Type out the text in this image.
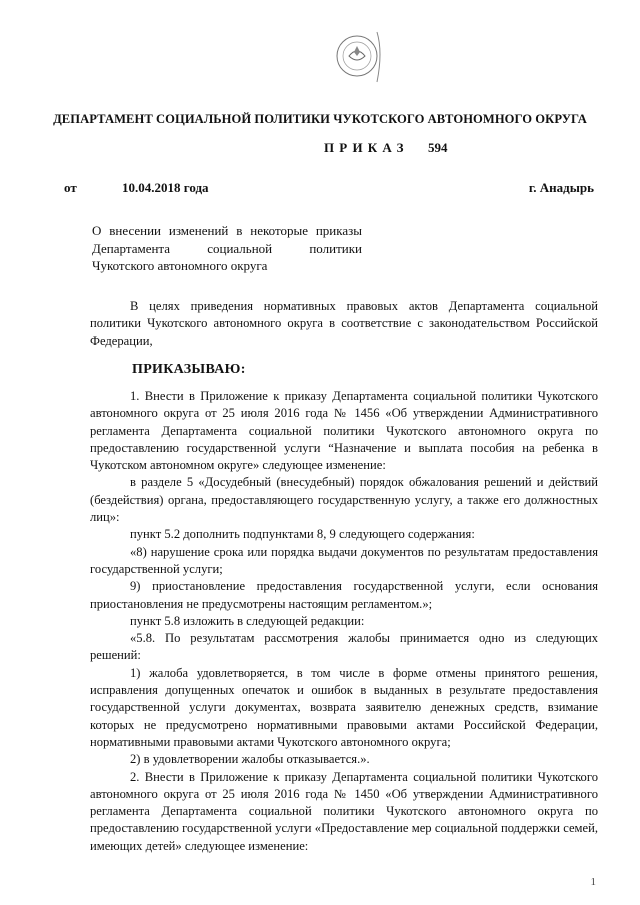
ДЕПАРТАМЕНТ СОЦИАЛЬНОЙ ПОЛИТИКИ ЧУКОТСКОГО АВТОНОМНОГО ОКРУГА
ПРИКАЗ 594
от	10.04.2018 года	г. Анадырь
О внесении изменений в некоторые приказы
Департамента социальной политики
Чукотского автономного округа

В целях приведения нормативных правовых актов Департамента социальной политики Чукотского автономного округа в соответствие с законодательством Российской Федерации,

ПРИКАЗЫВАЮ:

1. Внести в Приложение к приказу Департамента социальной политики Чукотского автономного округа от 25 июля 2016 года № 1456 «Об утверждении Административного регламента Департамента социальной политики Чукотского автономного округа по предоставлению государственной услуги “Назначение и выплата пособия на ребенка в Чукотском автономном округе» следующее изменение:

в разделе 5 «Досудебный (внесудебный) порядок обжалования решений и действий (бездействия) органа, предоставляющего государственную услугу, а также его должностных лиц»:

пункт 5.2 дополнить подпунктами 8, 9 следующего содержания:

«8) нарушение срока или порядка выдачи документов по результатам предоставления государственной услуги;

9) приостановление предоставления государственной услуги, если основания приостановления не предусмотрены настоящим регламентом.»;

пункт 5.8 изложить в следующей редакции:

«5.8. По результатам рассмотрения жалобы принимается одно из следующих решений:

1) жалоба удовлетворяется, в том числе в форме отмены принятого решения, исправления допущенных опечаток и ошибок в выданных в результате предоставления государственной услуги документах, возврата заявителю денежных средств, взимание которых не предусмотрено нормативными правовыми актами Российской Федерации, нормативными правовыми актами Чукотского автономного округа;

2) в удовлетворении жалобы отказывается.».

2. Внести в Приложение к приказу Департамента социальной политики Чукотского автономного округа от 25 июля 2016 года № 1450 «Об утверждении Административного регламента Департамента социальной политики Чукотского автономного округа по предоставлению государственной услуги «Предоставление мер социальной поддержки семей, имеющих детей» следующее изменение:

1
